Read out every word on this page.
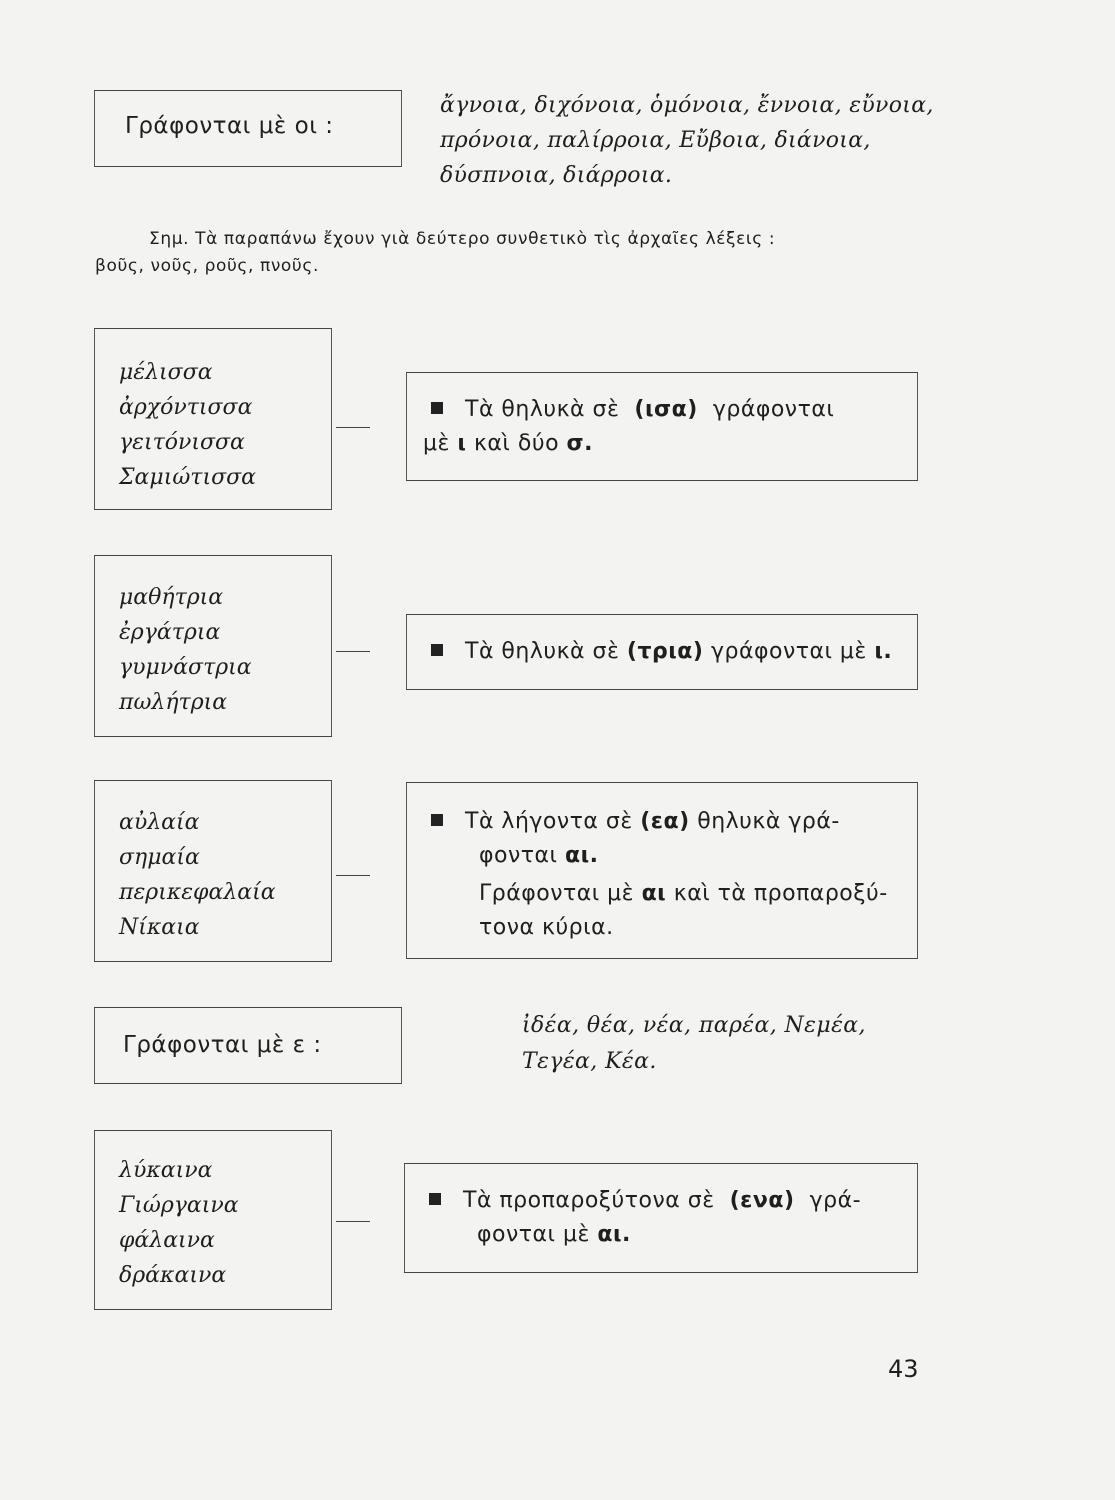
Γράφονται μὲ οι :
ἄγνοια, διχόνοια, ὁμόνοια, ἔννοια, εὔνοια,
πρόνοια, παλίρροια, Εὔβοια, διάνοια,
δύσπνοια, διάρροια.
Σημ. Τὰ παραπάνω ἔχουν γιὰ δεύτερο συνθετικὸ τὶς ἀρχαῖες λέξεις :
βοῦς, νοῦς, ροῦς, πνοῦς.
μέλισσα
ἀρχόντισσα
γειτόνισσα
Σαμιώτισσα
Τὰ θηλυκὰ σὲ (ισα) γράφονται
μὲ ι καὶ δύο σ.
μαθήτρια
ἐργάτρια
γυμνάστρια
πωλήτρια
Τὰ θηλυκὰ σὲ (τρια) γράφονται μὲ ι.
αὐλαία
σημαία
περικεφαλαία
Νίκαια
Τὰ λήγοντα σὲ (εα) θηλυκὰ γρά-
φονται αι.
Γράφονται μὲ αι καὶ τὰ προπαροξύ-
τονα κύρια.
Γράφονται μὲ ε :
ἰδέα, θέα, νέα, παρέα, Νεμέα,
Τεγέα, Κέα.
λύκαινα
Γιώργαινα
φάλαινα
δράκαινα
Τὰ προπαροξύτονα σὲ (ενα) γρά-
φονται μὲ αι.
43
